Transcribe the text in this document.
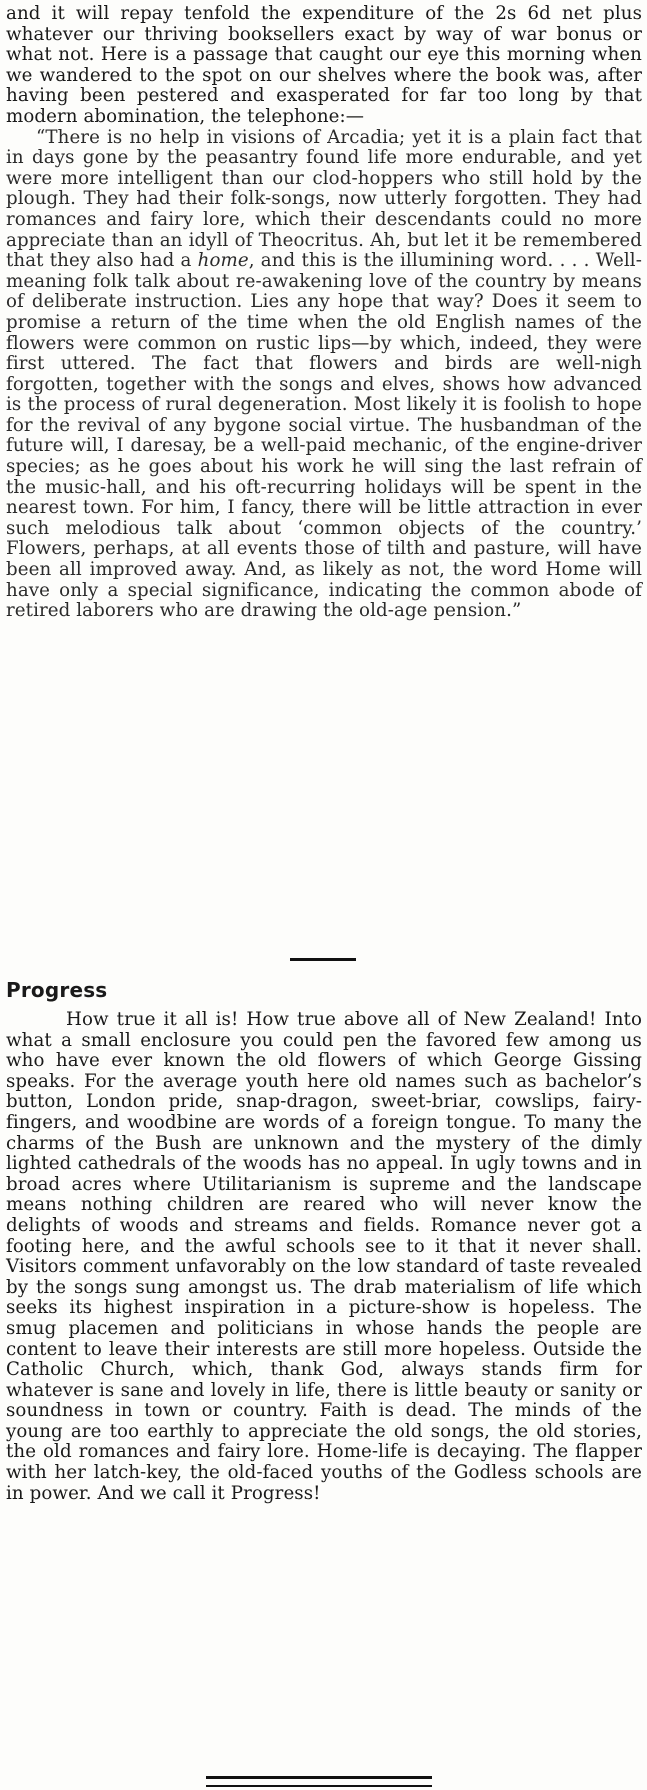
and it will repay tenfold the expenditure of the 2s 6d net plus whatever our thriving booksellers exact by way of war bonus or what not. Here is a passage that caught our eye this morning when we wandered to the spot on our shelves where the book was, after having been pestered and exasperated for far too long by that modern abomination, the telephone:—

“There is no help in visions of Arcadia; yet it is a plain fact that in days gone by the peasantry found life more endurable, and yet were more intelligent than our clod-hoppers who still hold by the plough. They had their folk-songs, now utterly forgotten. They had romances and fairy lore, which their descendants could no more appreciate than an idyll of Theocritus. Ah, but let it be remembered that they also had a home, and this is the illumining word. . . . Well-meaning folk talk about re-awakening love of the country by means of deliberate instruction. Lies any hope that way? Does it seem to promise a return of the time when the old English names of the flowers were common on rustic lips—by which, indeed, they were first uttered. The fact that flowers and birds are well-nigh forgotten, together with the songs and elves, shows how advanced is the process of rural degeneration. Most likely it is foolish to hope for the revival of any bygone social virtue. The husbandman of the future will, I daresay, be a well-paid mechanic, of the engine-driver species; as he goes about his work he will sing the last refrain of the music-hall, and his oft-recurring holidays will be spent in the nearest town. For him, I fancy, there will be little attraction in ever such melodious talk about ‘common objects of the country.’ Flowers, perhaps, at all events those of tilth and pasture, will have been all improved away. And, as likely as not, the word Home will have only a special significance, indicating the common abode of retired laborers who are drawing the old-age pension.”

Progress

How true it all is! How true above all of New Zealand! Into what a small enclosure you could pen the favored few among us who have ever known the old flowers of which George Gissing speaks. For the average youth here old names such as bachelor’s button, London pride, snap-dragon, sweet-briar, cowslips, fairy-fingers, and woodbine are words of a foreign tongue. To many the charms of the Bush are unknown and the mystery of the dimly lighted cathedrals of the woods has no appeal. In ugly towns and in broad acres where Utilitarianism is supreme and the landscape means nothing children are reared who will never know the delights of woods and streams and fields. Romance never got a footing here, and the awful schools see to it that it never shall. Visitors comment unfavorably on the low standard of taste revealed by the songs sung amongst us. The drab materialism of life which seeks its highest inspiration in a picture-show is hopeless. The smug placemen and politicians in whose hands the people are content to leave their interests are still more hopeless. Outside the Catholic Church, which, thank God, always stands firm for whatever is sane and lovely in life, there is little beauty or sanity or soundness in town or country. Faith is dead. The minds of the young are too earthly to appreciate the old songs, the old stories, the old romances and fairy lore. Home-life is decaying. The flapper with her latch-key, the old-faced youths of the Godless schools are in power. And we call it Progress!
